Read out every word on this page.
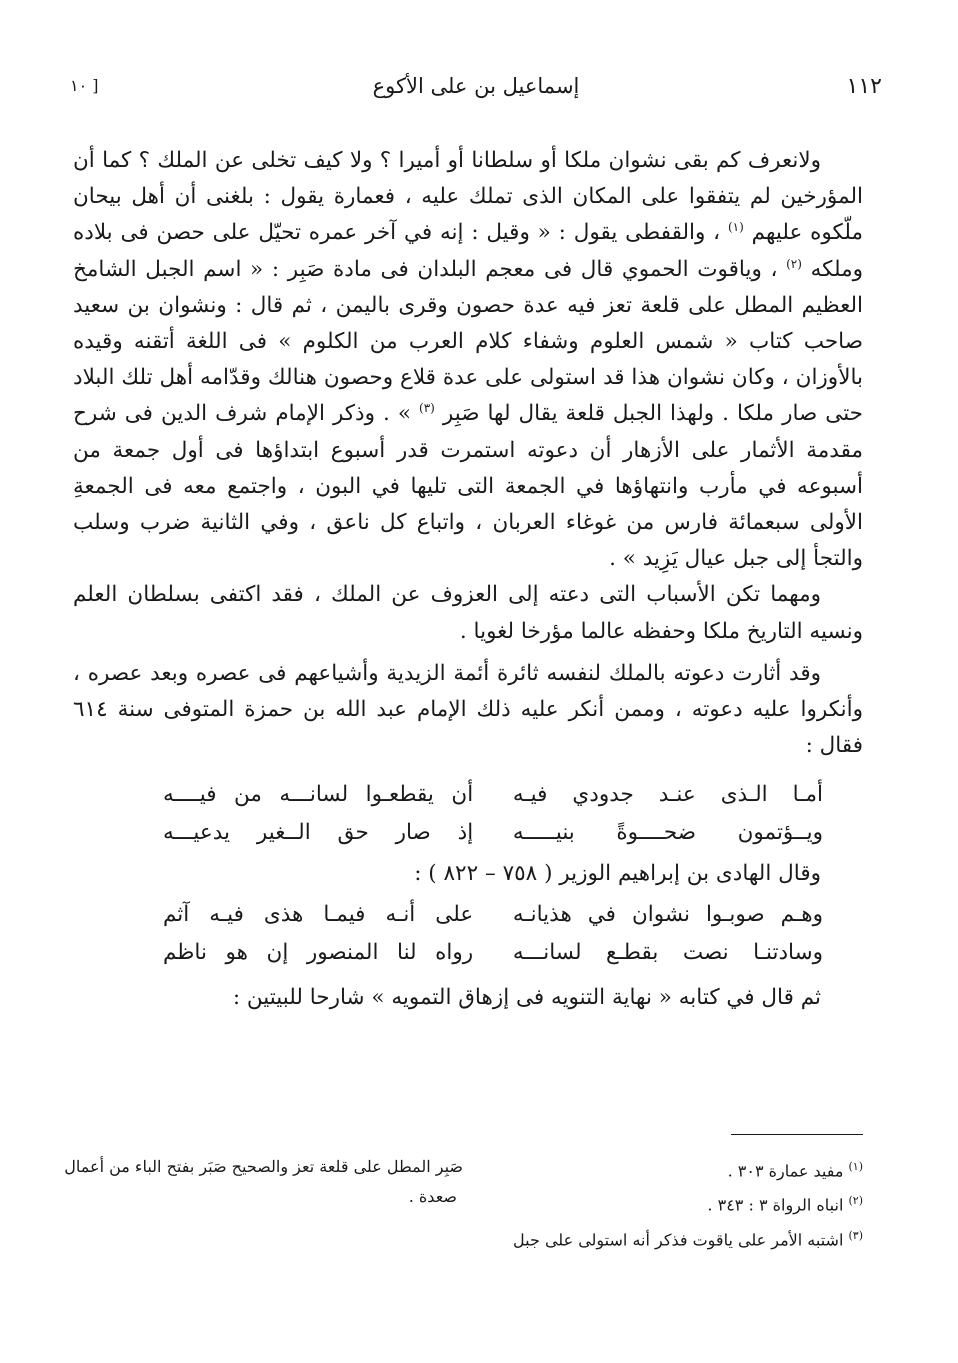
١١٢
إسماعيل بن على الأكوع
[ ١٠

ولانعرف كم بقى نشوان ملكا أو سلطانا أو أميرا ؟ ولا كيف تخلى عن الملك ؟ كما أن المؤرخين لم يتفقوا على المكان الذى تملك عليه ، فعمارة يقول : بلغنى أن أهل بيحان ملّكوه عليهم $^{(١)}$ ، والقفطى يقول : « وقيل : إنه في آخر عمره تحيّل على حصن فى بلاده وملكه $^{(٢)}$ ، وياقوت الحموي قال فى معجم البلدان فى مادة صَبِر : « اسم الجبل الشامخ العظيم المطل على قلعة تعز فيه عدة حصون وقرى باليمن ، ثم قال : ونشوان بن سعيد صاحب كتاب « شمس العلوم وشفاء كلام العرب من الكلوم » فى اللغة أتقنه وقيده بالأوزان ، وكان نشوان هذا قد استولى على عدة قلاع وحصون هنالك وقدّامه أهل تلك البلاد حتى صار ملكا . ولهذا الجبل قلعة يقال لها صَبِر $^{(٣)}$ » . وذكر الإمام شرف الدين فى شرح مقدمة الأثمار على الأزهار أن دعوته استمرت قدر أسبوع ابتداؤها فى أول جمعة من أسبوعه في مأرب وانتهاؤها في الجمعة التى تليها في البون ، واجتمع معه فى الجمعةِ الأولى سبعمائة فارس من غوغاء العربان ، واتباع كل ناعق ، وفي الثانية ضرب وسلب والتجأ إلى جبل عيال يَزِيد » .

ومهما تكن الأسباب التى دعته إلى العزوف عن الملك ، فقد اكتفى بسلطان العلم ونسيه التاريخ ملكا وحفظه عالما مؤرخا لغويا .

وقد أثارت دعوته بالملك لنفسه ثائرة أئمة الزيدية وأشياعهم فى عصره وبعد عصره ، وأنكروا عليه دعوته ، وممن أنكر عليه ذلك الإمام عبد الله بن حمزة المتوفى سنة ٦١٤ فقال :

أمـا الـذى عنـد جدودي فيـه
أن يقطعـوا لسانـــه من فيــــه
ويــؤتمون ضحــــوةً بنيـــــه
إذ صار حق الــغير يدعيـــه

وقال الهادى بن إبراهيم الوزير ( ٧٥٨ – ٨٢٢ ) :

وهـم صوبـوا نشوان في هذيانـه
على أنـه فيمـا هذى فيـه آثم
وسادتنـا نصت بقطـع لسانـــه
رواه لنا المنصور إن هو ناظم

ثم قال في كتابه « نهاية التنويه فى إزهاق التمويه » شارحا للبيتين :

$^{(١)}$ مفيد عمارة ٣٠٣ .
$^{(٢)}$ انباه الرواة ٣ : ٣٤٣ .
$^{(٣)}$ اشتبه الأمر على ياقوت فذكر أنه استولى على جبل
صَبِر المطل على قلعة تعز والصحيح صَبَر بفتح الباء من أعمال
صعدة .
